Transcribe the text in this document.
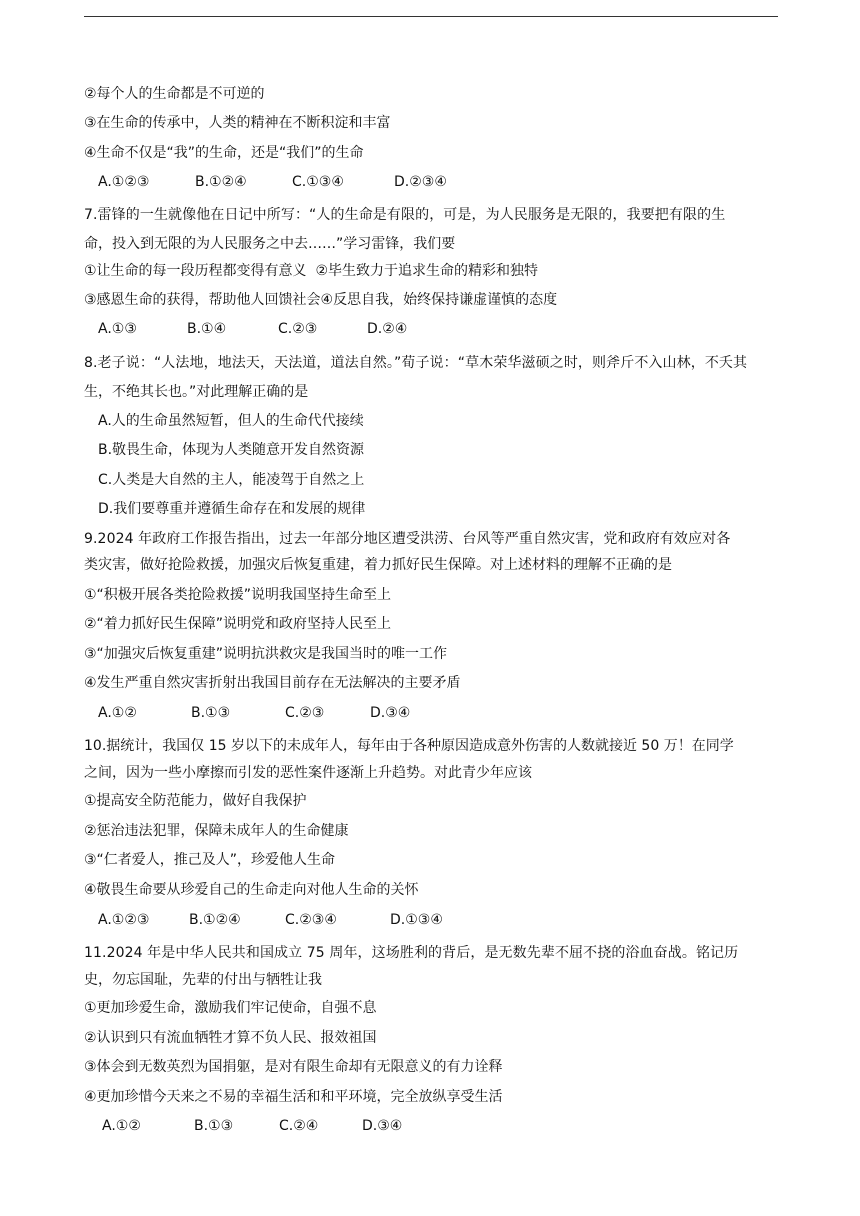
②每个人的生命都是不可逆的
③在生命的传承中，人类的精神在不断积淀和丰富
④生命不仅是“我”的生命，还是“我们”的生命
A.①②③	B.①②④	C.①③④	D.②③④
7.雷锋的一生就像他在日记中所写：“人的生命是有限的，可是，为人民服务是无限的，我要把有限的生
命，投入到无限的为人民服务之中去……”学习雷锋，我们要
①让生命的每一段历程都变得有意义  ②毕生致力于追求生命的精彩和独特
③感恩生命的获得，帮助他人回馈社会④反思自我，始终保持谦虚谨慎的态度
A.①③	B.①④	C.②③	D.②④
8.老子说：“人法地，地法天，天法道，道法自然。”荀子说：“草木荣华滋硕之时，则斧斤不入山林，不夭其
生，不绝其长也。”对此理解正确的是
A.人的生命虽然短暂，但人的生命代代接续
B.敬畏生命，体现为人类随意开发自然资源
C.人类是大自然的主人，能凌驾于自然之上
D.我们要尊重并遵循生命存在和发展的规律
9.2024 年政府工作报告指出，过去一年部分地区遭受洪涝、台风等严重自然灾害，党和政府有效应对各
类灾害，做好抢险救援，加强灾后恢复重建，着力抓好民生保障。对上述材料的理解不正确的是
①“积极开展各类抢险救援”说明我国坚持生命至上
②“着力抓好民生保障”说明党和政府坚持人民至上
③“加强灾后恢复重建”说明抗洪救灾是我国当时的唯一工作
④发生严重自然灾害折射出我国目前存在无法解决的主要矛盾
A.①②	B.①③	C.②③	D.③④
10.据统计，我国仅 15 岁以下的未成年人，每年由于各种原因造成意外伤害的人数就接近 50 万！在同学
之间，因为一些小摩擦而引发的恶性案件逐渐上升趋势。对此青少年应该
①提高安全防范能力，做好自我保护
②惩治违法犯罪，保障未成年人的生命健康
③“仁者爱人，推己及人”，珍爱他人生命
④敬畏生命要从珍爱自己的生命走向对他人生命的关怀
A.①②③	B.①②④	C.②③④	D.①③④
11.2024 年是中华人民共和国成立 75 周年，这场胜利的背后，是无数先辈不屈不挠的浴血奋战。铭记历
史，勿忘国耻，先辈的付出与牺牲让我
①更加珍爱生命，激励我们牢记使命，自强不息
②认识到只有流血牺牲才算不负人民、报效祖国
③体会到无数英烈为国捐躯，是对有限生命却有无限意义的有力诠释
④更加珍惜今天来之不易的幸福生活和和平环境，完全放纵享受生活
A.①②	B.①③	C.②④	D.③④
